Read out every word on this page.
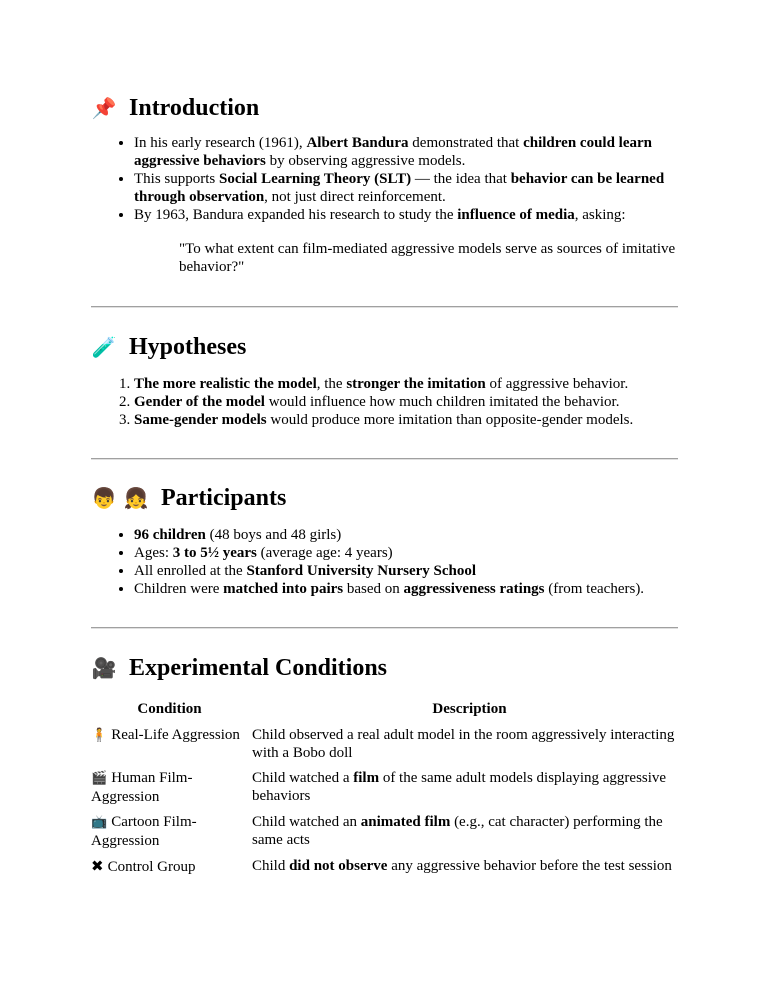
📌 Introduction
• In his early research (1961), Albert Bandura demonstrated that children could learn aggressive behaviors by observing aggressive models.
• This supports Social Learning Theory (SLT) — the idea that behavior can be learned through observation, not just direct reinforcement.
• By 1963, Bandura expanded his research to study the influence of media, asking:

"To what extent can film-mediated aggressive models serve as sources of imitative behavior?"

🧪 Hypotheses
1. The more realistic the model, the stronger the imitation of aggressive behavior.
2. Gender of the model would influence how much children imitated the behavior.
3. Same-gender models would produce more imitation than opposite-gender models.
👦 👧 Participants
• 96 children (48 boys and 48 girls)
• Ages: 3 to 5½ years (average age: 4 years)
• All enrolled at the Stanford University Nursery School
• Children were matched into pairs based on aggressiveness ratings (from teachers).
🎥 Experimental Conditions
Condition	Description
🧍 Real-Life Aggression	Child observed a real adult model in the room aggressively interacting with a Bobo doll
🎬 Human Film-Aggression	Child watched a film of the same adult models displaying aggressive behaviors
📺 Cartoon Film-Aggression	Child watched an animated film (e.g., cat character) performing the same acts
✖ Control Group	Child did not observe any aggressive behavior before the test session
